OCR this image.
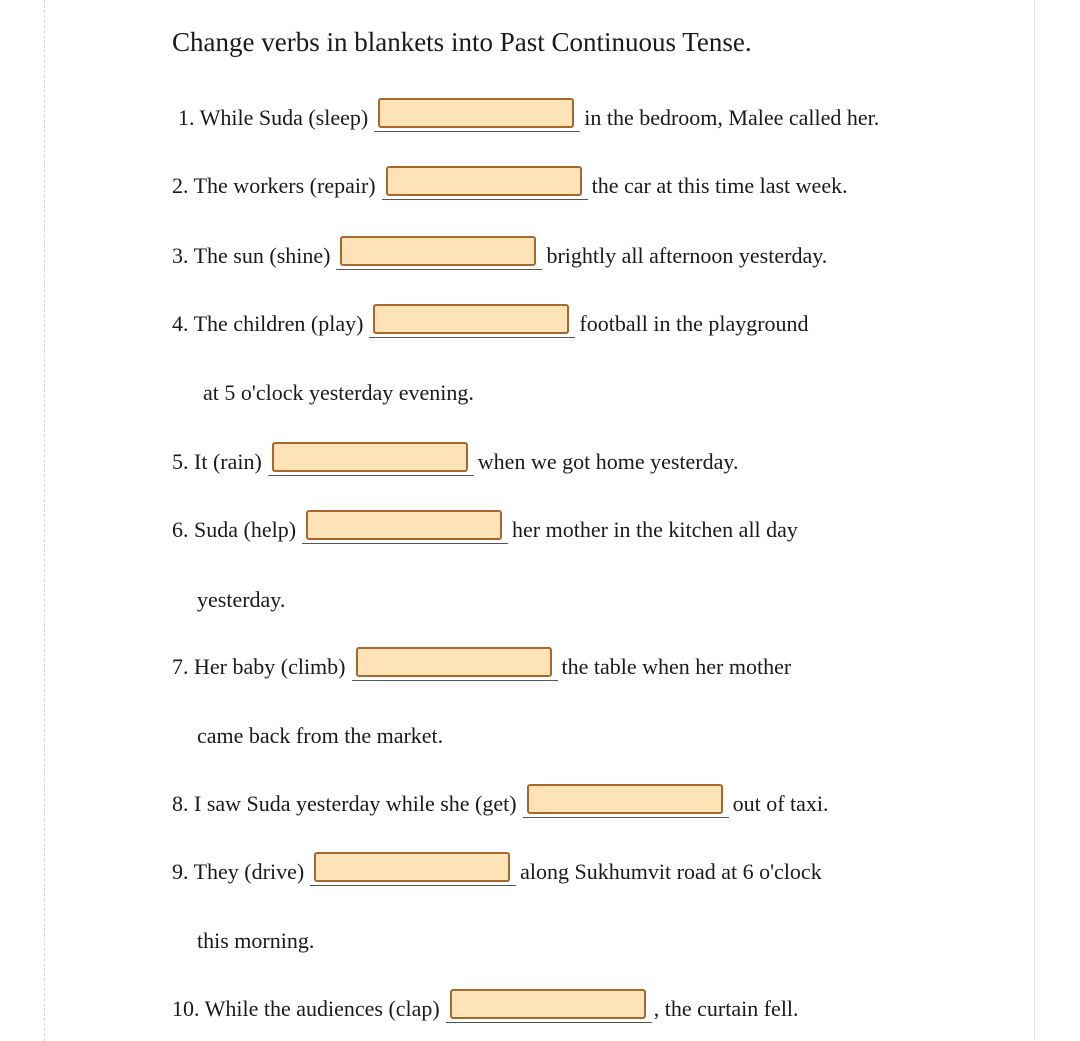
Change verbs in blankets into Past Continuous Tense.
1. While Suda (sleep)	in the bedroom, Malee called her.
2. The workers (repair)	the car at this time last week.
3. The sun (shine)	brightly all afternoon yesterday.
4. The children (play)	football in the playground
at 5 o'clock yesterday evening.
5. It (rain)	when we got home yesterday.
6. Suda (help)	her mother in the kitchen all day
yesterday.
7. Her baby (climb)	the table when her mother
came back from the market.
8. I saw Suda yesterday while she (get)	out of taxi.
9. They (drive)	along Sukhumvit road at 6 o'clock
this morning.
10. While the audiences (clap)	, the curtain fell.
